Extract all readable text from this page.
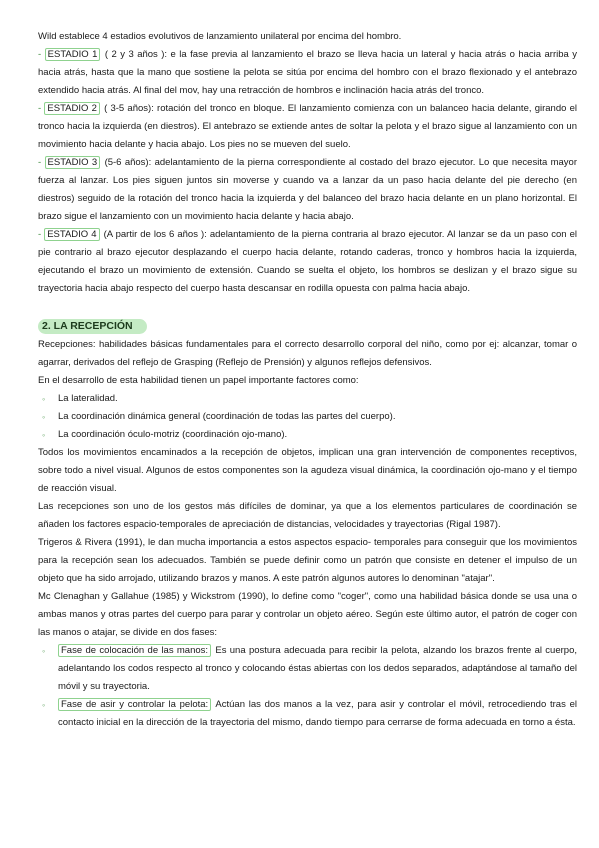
Wild establece 4 estadios evolutivos de lanzamiento unilateral por encima del hombro.

- ESTADIO 1 ( 2 y 3 años ): e la fase previa al lanzamiento el brazo se lleva hacia un lateral y hacia atrás o hacia arriba y hacia atrás, hasta que la mano que sostiene la pelota se sitúa por encima del hombro con el brazo flexionado y el antebrazo extendido hacia atrás. Al final del mov, hay una retracción de hombros e inclinación hacia atrás del tronco.

- ESTADIO 2 ( 3-5 años): rotación del tronco en bloque. El lanzamiento comienza con un balanceo hacia delante, girando el tronco hacia la izquierda (en diestros). El antebrazo se extiende antes de soltar la pelota y el brazo sigue al lanzamiento con un movimiento hacia delante y hacia abajo. Los pies no se mueven del suelo.

- ESTADIO 3 (5-6 años): adelantamiento de la pierna correspondiente al costado del brazo ejecutor. Lo que necesita mayor fuerza al lanzar. Los pies siguen juntos sin moverse y cuando va a lanzar da un paso hacia delante del pie derecho (en diestros) seguido de la rotación del tronco hacia la izquierda y del balanceo del brazo hacia delante en un plano horizontal. El brazo sigue el lanzamiento con un movimiento hacia delante y hacia abajo.

- ESTADIO 4 (A partir de los 6 años ): adelantamiento de la pierna contraria al brazo ejecutor. Al lanzar se da un paso con el pie contrario al brazo ejecutor desplazando el cuerpo hacia delante, rotando caderas, tronco y hombros hacia la izquierda, ejecutando el brazo un movimiento de extensión. Cuando se suelta el objeto, los hombros se deslizan y el brazo sigue su trayectoria hacia abajo respecto del cuerpo hasta descansar en rodilla opuesta con palma hacia abajo.

2. LA RECEPCIÓN

Recepciones: habilidades básicas fundamentales para el correcto desarrollo corporal del niño, como por ej: alcanzar, tomar o agarrar, derivados del reflejo de Grasping (Reflejo de Prensión) y algunos reflejos defensivos.

En el desarrollo de esta habilidad tienen un papel importante factores como:

◦ La lateralidad.
◦ La coordinación dinámica general (coordinación de todas las partes del cuerpo).
◦ La coordinación óculo-motriz (coordinación ojo-mano).

Todos los movimientos encaminados a la recepción de objetos, implican una gran intervención de componentes receptivos, sobre todo a nivel visual. Algunos de estos componentes son la agudeza visual dinámica, la coordinación ojo-mano y el tiempo de reacción visual.

Las recepciones son uno de los gestos más difíciles de dominar, ya que a los elementos particulares de coordinación se añaden los factores espacio-temporales de apreciación de distancias, velocidades y trayectorias (Rigal 1987).

Trigeros & Rivera (1991), le dan mucha importancia a estos aspectos espacio- temporales para conseguir que los movimientos para la recepción sean los adecuados. También se puede definir como un patrón que consiste en detener el impulso de un objeto que ha sido arrojado, utilizando brazos y manos. A este patrón algunos autores lo denominan "atajar".

Mc Clenaghan y Gallahue (1985) y Wickstrom (1990), lo define como "coger", como una habilidad básica donde se usa una o ambas manos y otras partes del cuerpo para parar y controlar un objeto aéreo. Según este último autor, el patrón de coger con las manos o atajar, se divide en dos fases:

◦	Fase de colocación de las manos: Es una postura adecuada para recibir la pelota, alzando los brazos frente al cuerpo, adelantando los codos respecto al tronco y colocando éstas abiertas con los dedos separados, adaptándose al tamaño del móvil y su trayectoria.

◦	Fase de asir y controlar la pelota: Actúan las dos manos a la vez, para asir y controlar el móvil, retrocediendo tras el contacto inicial en la dirección de la trayectoria del mismo, dando tiempo para cerrarse de forma adecuada en torno a ésta.
